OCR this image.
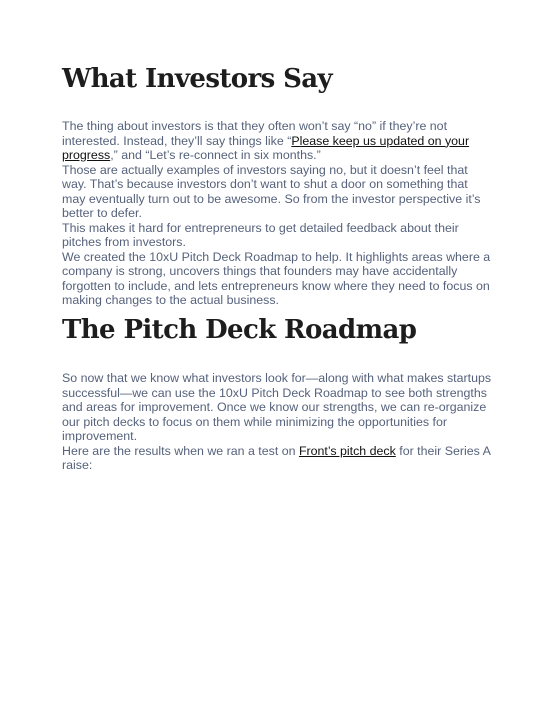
What Investors Say

The thing about investors is that they often won’t say “no” if they’re not interested. Instead, they’ll say things like “Please keep us updated on your progress,” and “Let’s re-connect in six months.”

Those are actually examples of investors saying no, but it doesn’t feel that way. That’s because investors don’t want to shut a door on something that may eventually turn out to be awesome. So from the investor perspective it’s better to defer.

This makes it hard for entrepreneurs to get detailed feedback about their pitches from investors.

We created the 10xU Pitch Deck Roadmap to help. It highlights areas where a company is strong, uncovers things that founders may have accidentally forgotten to include, and lets entrepreneurs know where they need to focus on making changes to the actual business.

The Pitch Deck Roadmap

So now that we know what investors look for—along with what makes startups successful—we can use the 10xU Pitch Deck Roadmap to see both strengths and areas for improvement. Once we know our strengths, we can re-organize our pitch decks to focus on them while minimizing the opportunities for improvement.

Here are the results when we ran a test on Front’s pitch deck for their Series A raise:
